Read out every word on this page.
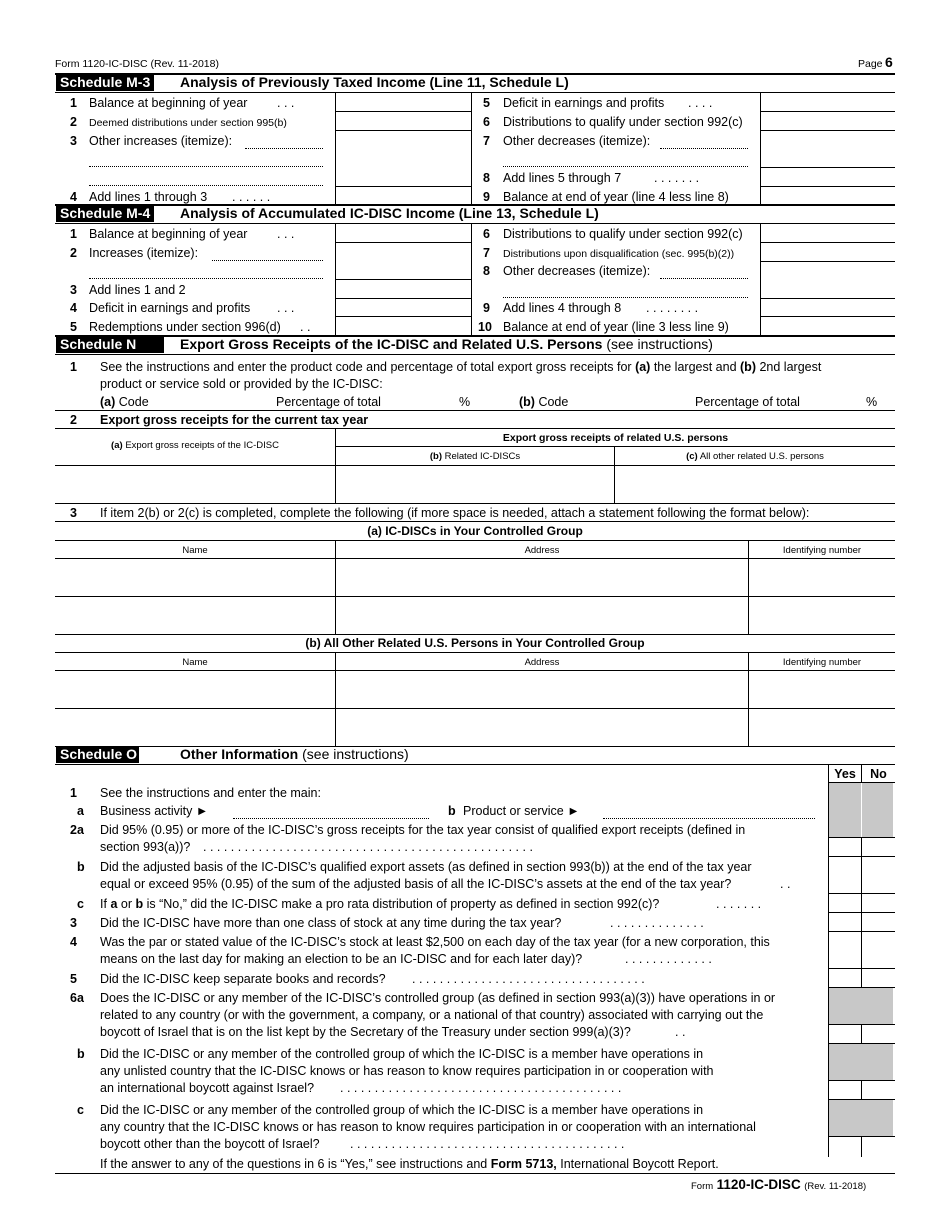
Form 1120-IC-DISC (Rev. 11-2018)	Page 6
Schedule M-3 Analysis of Previously Taxed Income (Line 11, Schedule L)
1 Balance at beginning of year . . .
2 Deemed distributions under section 995(b)
3 Other increases (itemize):
4 Add lines 1 through 3 . . . . . .
5 Deficit in earnings and profits . . . .
6 Distributions to qualify under section 992(c)
7 Other decreases (itemize):
8 Add lines 5 through 7	. . . . . . .
9 Balance at end of year (line 4 less line 8)
Schedule M-4 Analysis of Accumulated IC-DISC Income (Line 13, Schedule L)
1 Balance at beginning of year . . .
2 Increases (itemize):
3 Add lines 1 and 2
4 Deficit in earnings and profits . . .
5 Redemptions under section 996(d) . .
6 Distributions to qualify under section 992(c)
7 Distributions upon disqualification (sec. 995(b)(2))
8 Other decreases (itemize):
9 Add lines 4 through 8 . . . . . . . .
10 Balance at end of year (line 3 less line 9)
Schedule N	Export Gross Receipts of the IC-DISC and Related U.S. Persons (see instructions)
1 See the instructions and enter the product code and percentage of total export gross receipts for (a) the largest and (b) 2nd largest
product or service sold or provided by the IC-DISC:
(a) Code	Percentage of total	%	(b) Code	Percentage of total	%
2 Export gross receipts for the current tax year
(a) Export gross receipts of the IC-DISC
Export gross receipts of related U.S. persons
(b) Related IC-DISCs	(c) All other related U.S. persons
3 If item 2(b) or 2(c) is completed, complete the following (if more space is needed, attach a statement following the format below):
(a) IC-DISCs in Your Controlled Group
Name	Address	Identifying number
(b) All Other Related U.S. Persons in Your Controlled Group
Name	Address	Identifying number
Schedule O	Other Information (see instructions)
Yes	No
1 See the instructions and enter the main:
a Business activity ►	b Product or service ►
2a Did 95% (0.95) or more of the IC-DISC’s gross receipts for the tax year consist of qualified export receipts (defined in
section 993(a))? . . . . . . . . . . . . . . . . . . . . . . . . . . . . . . . . . . . . . . . . . . . . . . . .
b Did the adjusted basis of the IC-DISC’s qualified export assets (as defined in section 993(b)) at the end of the tax year
equal or exceed 95% (0.95) of the sum of the adjusted basis of all the IC-DISC’s assets at the end of the tax year?	. .
c If a or b is “No,” did the IC-DISC make a pro rata distribution of property as defined in section 992(c)?	. . . . . . .
3 Did the IC-DISC have more than one class of stock at any time during the tax year?	. . . . . . . . . . . . . .
4 Was the par or stated value of the IC-DISC’s stock at least $2,500 on each day of the tax year (for a new corporation, this
means on the last day for making an election to be an IC-DISC and for each later day)?	. . . . . . . . . . . . .
5 Did the IC-DISC keep separate books and records? . . . . . . . . . . . . . . . . . . . . . . . . . . . . . . . . . .
6a Does the IC-DISC or any member of the IC-DISC’s controlled group (as defined in section 993(a)(3)) have operations in or
related to any country (or with the government, a company, or a national of that country) associated with carrying out the
boycott of Israel that is on the list kept by the Secretary of the Treasury under section 999(a)(3)?	. .
b Did the IC-DISC or any member of the controlled group of which the IC-DISC is a member have operations in
any unlisted country that the IC-DISC knows or has reason to know requires participation in or cooperation with
an international boycott against Israel? . . . . . . . . . . . . . . . . . . . . . . . . . . . . . . . . . . . . . . . . .
c Did the IC-DISC or any member of the controlled group of which the IC-DISC is a member have operations in
any country that the IC-DISC knows or has reason to know requires participation in or cooperation with an international
boycott other than the boycott of Israel? . . . . . . . . . . . . . . . . . . . . . . . . . . . . . . . . . . . . . . . .
If the answer to any of the questions in 6 is “Yes,” see instructions and Form 5713, International Boycott Report.
Form 1120-IC-DISC (Rev. 11-2018)
